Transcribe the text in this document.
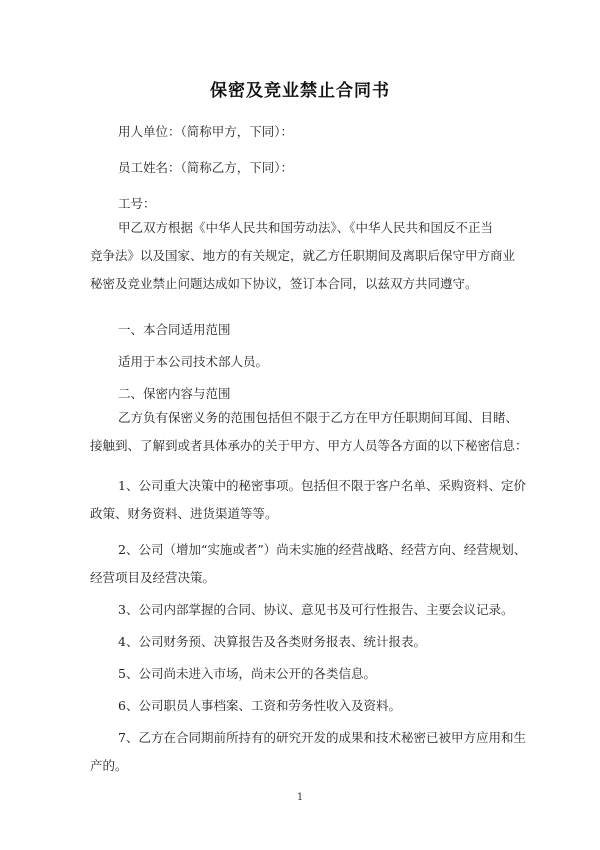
保密及竞业禁止合同书
用人单位：（简称甲方，下同）：
员工姓名：（简称乙方，下同）：
工号：
甲乙双方根据《中华人民共和国劳动法》、《中华人民共和国反不正当
竞争法》以及国家、地方的有关规定，就乙方任职期间及离职后保守甲方商业
秘密及竞业禁止问题达成如下协议，签订本合同，以兹双方共同遵守。
一、本合同适用范围
适用于本公司技术部人员。
二、保密内容与范围
乙方负有保密义务的范围包括但不限于乙方在甲方任职期间耳闻、目睹、
接触到、了解到或者具体承办的关于甲方、甲方人员等各方面的以下秘密信息：
1、公司重大决策中的秘密事项。包括但不限于客户名单、采购资料、定价
政策、财务资料、进货渠道等等。
2、公司（增加“实施或者”）尚未实施的经营战略、经营方向、经营规划、
经营项目及经营决策。
3、公司内部掌握的合同、协议、意见书及可行性报告、主要会议记录。
4、公司财务预、决算报告及各类财务报表、统计报表。
5、公司尚未进入市场，尚未公开的各类信息。
6、公司职员人事档案、工资和劳务性收入及资料。
7、乙方在合同期前所持有的研究开发的成果和技术秘密已被甲方应用和生
产的。
1
